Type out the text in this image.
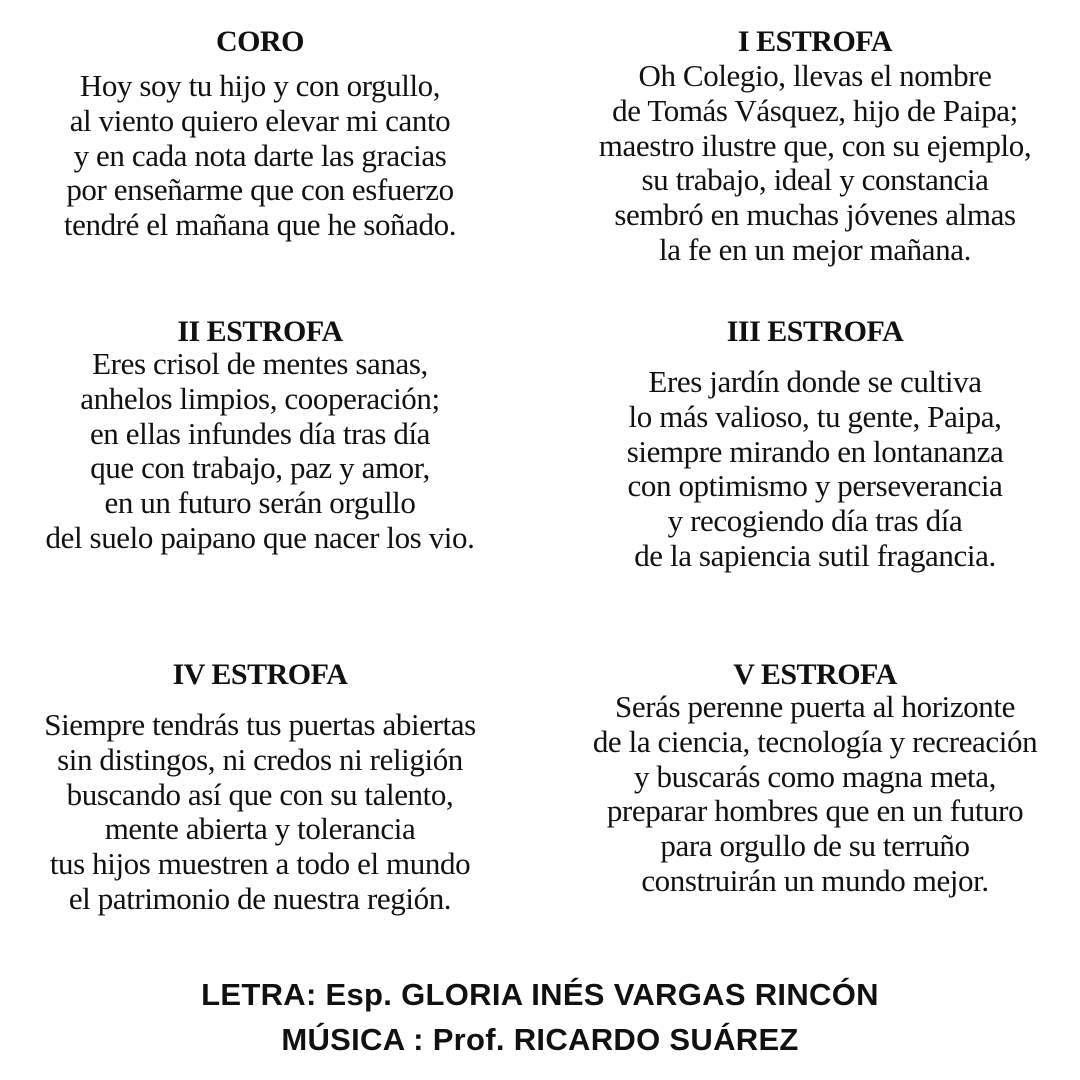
CORO
Hoy soy tu hijo y con orgullo,
al viento quiero elevar mi canto
y en cada nota darte las gracias
por enseñarme que con esfuerzo
tendré el mañana que he soñado.
I ESTROFA
Oh Colegio, llevas el nombre
de Tomás Vásquez, hijo de Paipa;
maestro ilustre que, con su ejemplo,
su trabajo, ideal y constancia
sembró en muchas jóvenes almas
la fe en un mejor mañana.
II ESTROFA
Eres crisol de mentes sanas,
anhelos limpios, cooperación;
en ellas infundes día tras día
que con trabajo, paz y amor,
en un futuro serán orgullo
del suelo paipano que nacer los vio.
III ESTROFA
Eres jardín donde se cultiva
lo más valioso, tu gente, Paipa,
siempre mirando en lontananza
con optimismo y perseverancia
y recogiendo día tras día
de la sapiencia sutil fragancia.
IV ESTROFA
Siempre tendrás tus puertas abiertas
sin distingos, ni credos ni religión
buscando así que con su talento,
mente abierta y tolerancia
tus hijos muestren a todo el mundo
el patrimonio de nuestra región.
V ESTROFA
Serás perenne puerta al horizonte
de la ciencia, tecnología y recreación
y buscarás como magna meta,
preparar hombres que en un futuro
para orgullo de su terruño
construirán un mundo mejor.
LETRA: Esp. GLORIA INÉS VARGAS RINCÓN
MÚSICA : Prof. RICARDO SUÁREZ
